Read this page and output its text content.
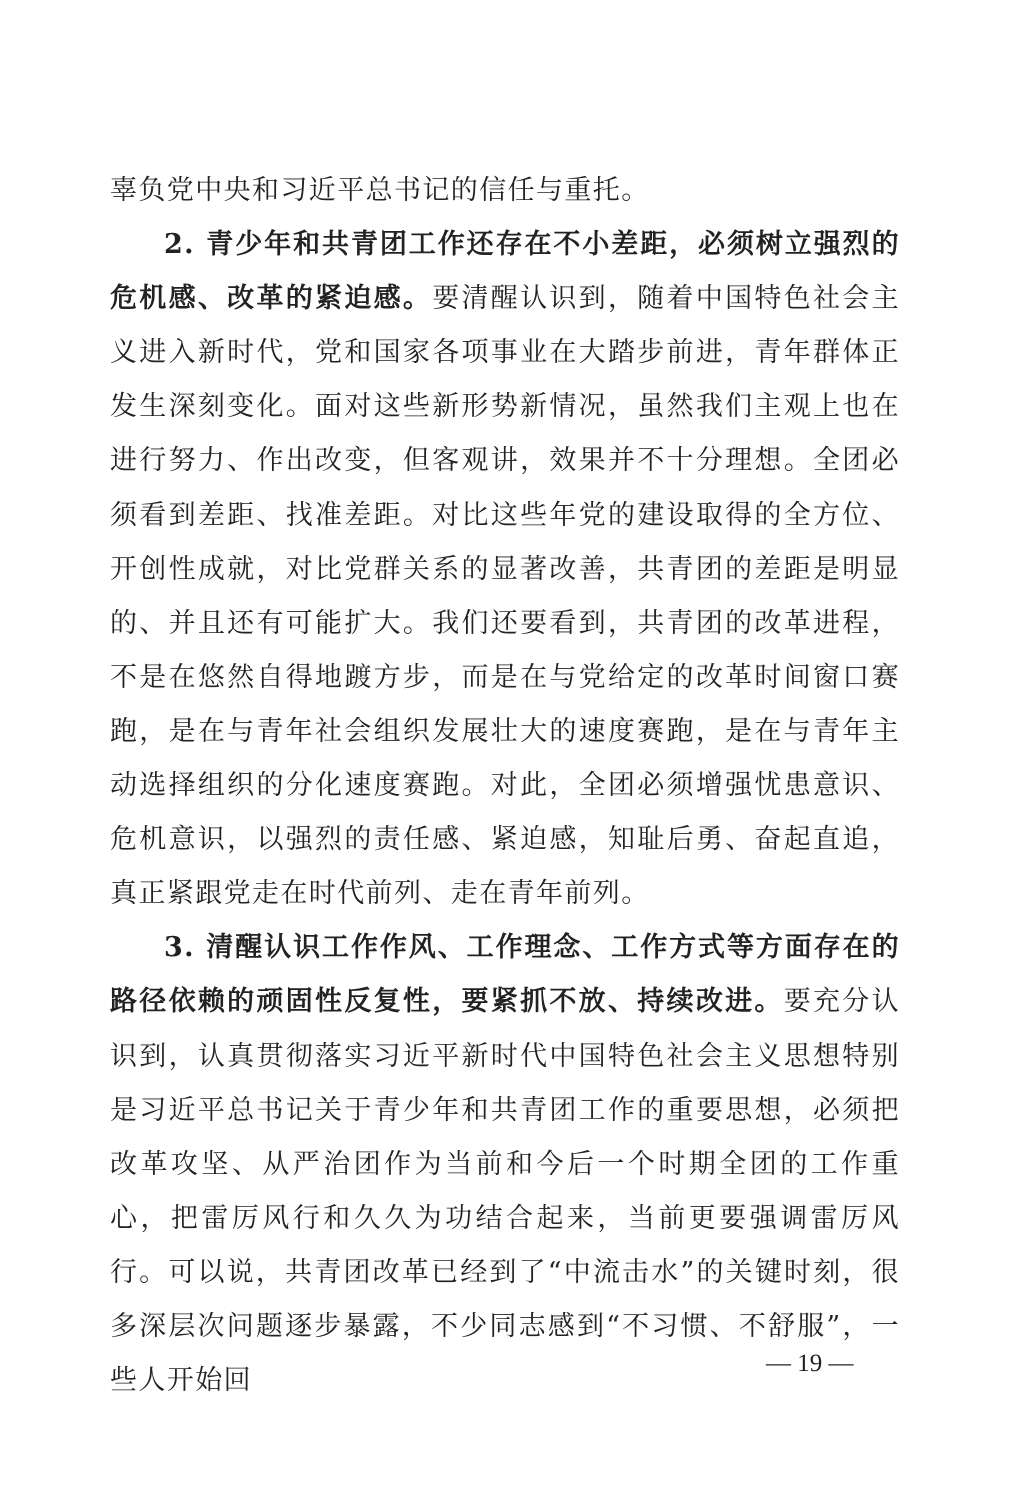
辜负党中央和习近平总书记的信任与重托。

2. 青少年和共青团工作还存在不小差距，必须树立强烈的危机感、改革的紧迫感。要清醒认识到，随着中国特色社会主义进入新时代，党和国家各项事业在大踏步前进，青年群体正发生深刻变化。面对这些新形势新情况，虽然我们主观上也在进行努力、作出改变，但客观讲，效果并不十分理想。全团必须看到差距、找准差距。对比这些年党的建设取得的全方位、开创性成就，对比党群关系的显著改善，共青团的差距是明显的、并且还有可能扩大。我们还要看到，共青团的改革进程，不是在悠然自得地踱方步，而是在与党给定的改革时间窗口赛跑，是在与青年社会组织发展壮大的速度赛跑，是在与青年主动选择组织的分化速度赛跑。对此，全团必须增强忧患意识、危机意识，以强烈的责任感、紧迫感，知耻后勇、奋起直追，真正紧跟党走在时代前列、走在青年前列。

3. 清醒认识工作作风、工作理念、工作方式等方面存在的路径依赖的顽固性反复性，要紧抓不放、持续改进。要充分认识到，认真贯彻落实习近平新时代中国特色社会主义思想特别是习近平总书记关于青少年和共青团工作的重要思想，必须把改革攻坚、从严治团作为当前和今后一个时期全团的工作重心，把雷厉风行和久久为功结合起来，当前更要强调雷厉风行。可以说，共青团改革已经到了“中流击水”的关键时刻，很多深层次问题逐步暴露，不少同志感到“不习惯、不舒服”，一些人开始回

— 19 —
